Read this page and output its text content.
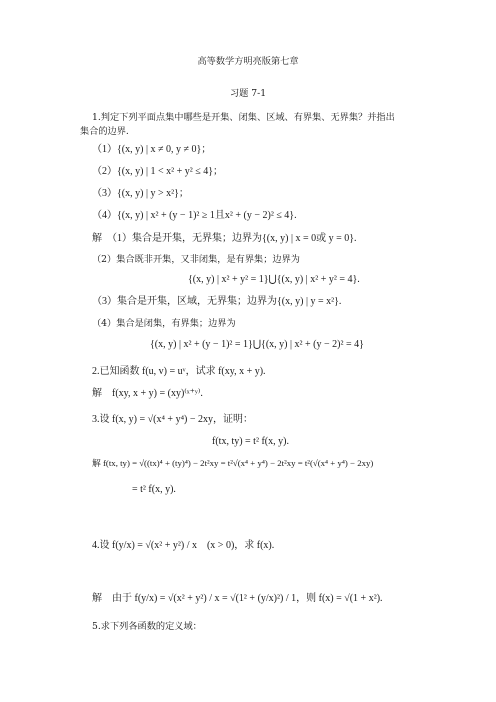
高等数学方明亮版第七章
习题 7-1
1.判定下列平面点集中哪些是开集、闭集、区域、有界集、无界集？并指出
集合的边界.
（1）{(x, y) | x ≠ 0, y ≠ 0}；
（2）{(x, y) | 1 < x² + y² ≤ 4}；
（3）{(x, y) | y > x²}；
（4）{(x, y) | x² + (y − 1)² ≥ 1且x² + (y − 2)² ≤ 4}.
解　（1）集合是开集，无界集；边界为{(x, y) | x = 0或 y = 0}.
（2）集合既非开集，又非闭集，是有界集；边界为
{(x, y) | x² + y² = 1}⋃{(x, y) | x² + y² = 4}.
（3）集合是开集，区域，无界集；边界为{(x, y) | y = x²}.
（4）集合是闭集，有界集；边界为
{(x, y) | x² + (y − 1)² = 1}⋃{(x, y) | x² + (y − 2)² = 4}
2.已知函数 f(u, v) = uᵛ，试求 f(xy, x + y).
解　f(xy, x + y) = (xy)⁽ˣ⁺ʸ⁾.
3.设 f(x, y) = √(x⁴ + y⁴) − 2xy，证明：
f(tx, ty) = t² f(x, y).
解 f(tx, ty) = √((tx)⁴ + (ty)⁴) − 2t²xy = t²√(x⁴ + y⁴) − 2t²xy = t²(√(x⁴ + y⁴) − 2xy)
= t² f(x, y).
4.设 f(y/x) = √(x² + y²) / x　(x > 0)，求 f(x).
解　由于 f(y/x) = √(x² + y²) / x = √(1² + (y/x)²) / 1，则 f(x) = √(1 + x²).
5.求下列各函数的定义域：
